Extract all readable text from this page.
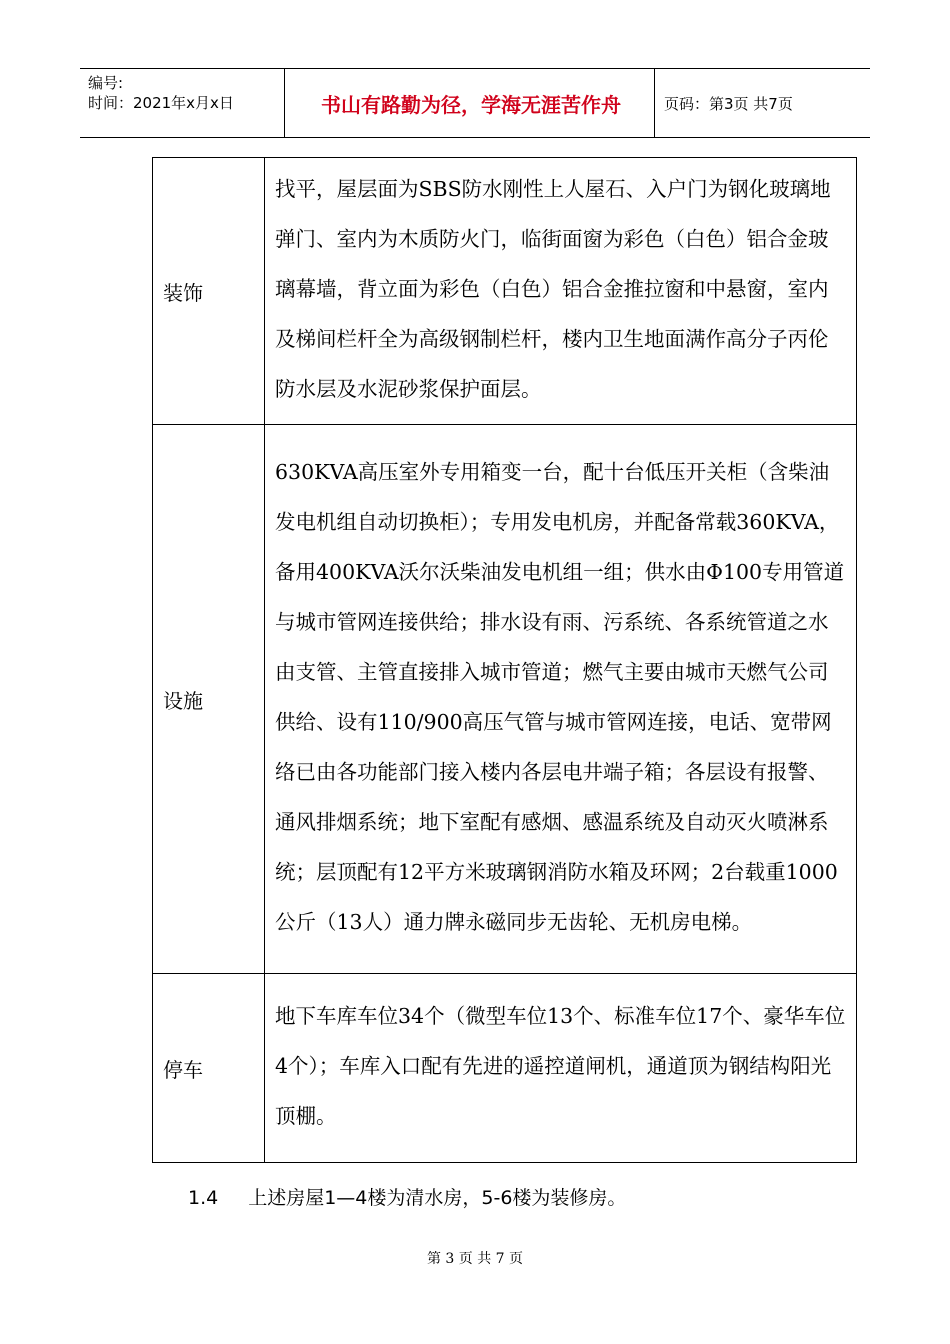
编号:
时间：2021年x月x日	书山有路勤为径，学海无涯苦作舟	页码：第3页 共7页
装饰	找平，屋层面为SBS防水刚性上人屋石、入户门为钢化玻璃地弹门、室内为木质防火门，临街面窗为彩色（白色）铝合金玻璃幕墙，背立面为彩色（白色）铝合金推拉窗和中悬窗，室内及梯间栏杆全为高级钢制栏杆，楼内卫生地面满作高分子丙伦防水层及水泥砂浆保护面层。

设施	630KVA高压室外专用箱变一台，配十台低压开关柜（含柴油发电机组自动切换柜）；专用发电机房，并配备常载360KVA，备用400KVA沃尔沃柴油发电机组一组；供水由Φ100专用管道与城市管网连接供给；排水设有雨、污系统、各系统管道之水由支管、主管直接排入城市管道；燃气主要由城市天燃气公司供给、设有110/900高压气管与城市管网连接，电话、宽带网络已由各功能部门接入楼内各层电井端子箱；各层设有报警、通风排烟系统；地下室配有感烟、感温系统及自动灭火喷淋系统；层顶配有12平方米玻璃钢消防水箱及环网；2台载重1000公斤（13人）通力牌永磁同步无齿轮、无机房电梯。

停车	地下车库车位34个（微型车位13个、标准车位17个、豪华车位4个）；车库入口配有先进的遥控道闸机，通道顶为钢结构阳光顶棚。
1.4 上述房屋1—4楼为清水房，5-6楼为装修房。
第 3 页 共 7 页
